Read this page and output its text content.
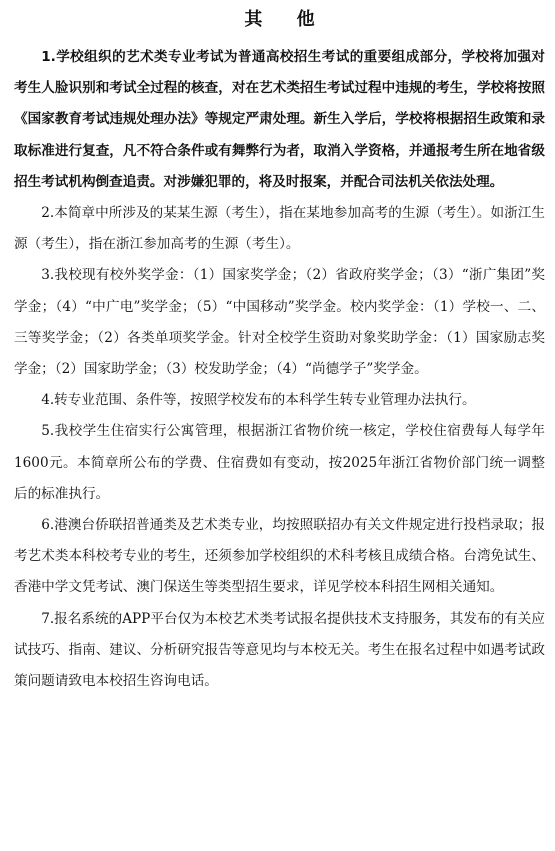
其 他

1.学校组织的艺术类专业考试为普通高校招生考试的重要组成部分，学校将加强对考生人脸识别和考试全过程的核查，对在艺术类招生考试过程中违规的考生，学校将按照《国家教育考试违规处理办法》等规定严肃处理。新生入学后，学校将根据招生政策和录取标准进行复查，凡不符合条件或有舞弊行为者，取消入学资格，并通报考生所在地省级招生考试机构倒查追责。对涉嫌犯罪的，将及时报案，并配合司法机关依法处理。

2.本简章中所涉及的某某生源（考生），指在某地参加高考的生源（考生）。如浙江生源（考生），指在浙江参加高考的生源（考生）。

3.我校现有校外奖学金：（1）国家奖学金；（2）省政府奖学金；（3）“浙广集团”奖学金；（4）“中广电”奖学金；（5）“中国移动”奖学金。校内奖学金：（1）学校一、二、三等奖学金；（2）各类单项奖学金。针对全校学生资助对象奖助学金：（1）国家励志奖学金；（2）国家助学金；（3）校发助学金；（4）“尚德学子”奖学金。

4.转专业范围、条件等，按照学校发布的本科学生转专业管理办法执行。

5.我校学生住宿实行公寓管理，根据浙江省物价统一核定，学校住宿费每人每学年1600元。本简章所公布的学费、住宿费如有变动，按2025年浙江省物价部门统一调整后的标准执行。

6.港澳台侨联招普通类及艺术类专业，均按照联招办有关文件规定进行投档录取；报考艺术类本科校考专业的考生，还须参加学校组织的术科考核且成绩合格。台湾免试生、香港中学文凭考试、澳门保送生等类型招生要求，详见学校本科招生网相关通知。

7.报名系统的APP平台仅为本校艺术类考试报名提供技术支持服务，其发布的有关应试技巧、指南、建议、分析研究报告等意见均与本校无关。考生在报名过程中如遇考试政策问题请致电本校招生咨询电话。
